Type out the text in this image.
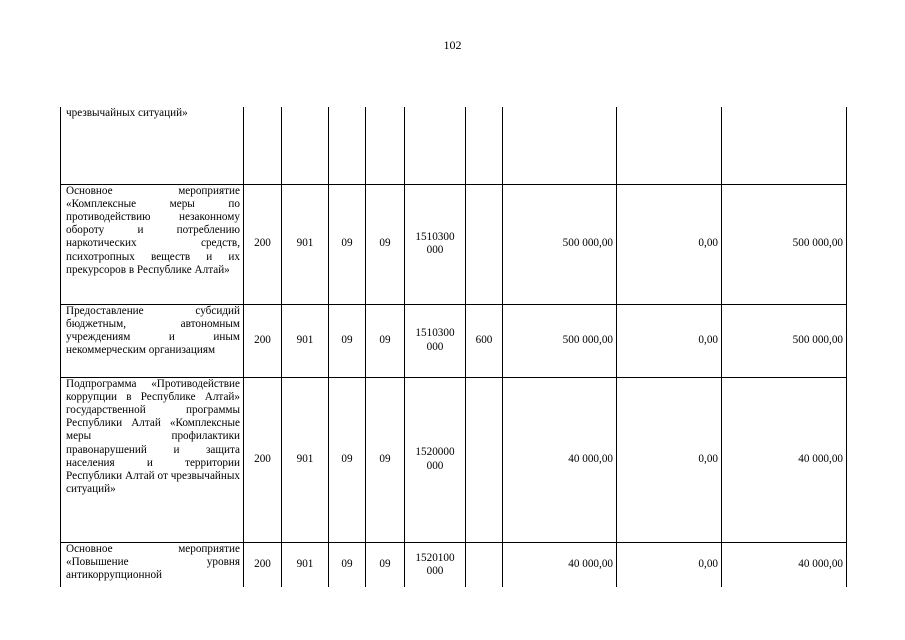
102
чрезвычайных ситуаций»									
Основное мероприятие «Комплексные меры по противодействию незаконному обороту и потреблению наркотических средств, психотропных веществ и их прекурсоров в Республике Алтай»	200	901	09	09	1510300 000		500 000,00	0,00	500 000,00
Предоставление субсидий бюджетным, автономным учреждениям и иным некоммерческим организациям	200	901	09	09	1510300 000	600	500 000,00	0,00	500 000,00
Подпрограмма «Противодействие коррупции в Республике Алтай» государственной программы Республики Алтай «Комплексные меры профилактики правонарушений и защита населения и территории Республики Алтай от чрезвычайных ситуаций»	200	901	09	09	1520000 000		40 000,00	0,00	40 000,00
Основное мероприятие «Повышение уровня антикоррупционной	200	901	09	09	1520100 000		40 000,00	0,00	40 000,00
